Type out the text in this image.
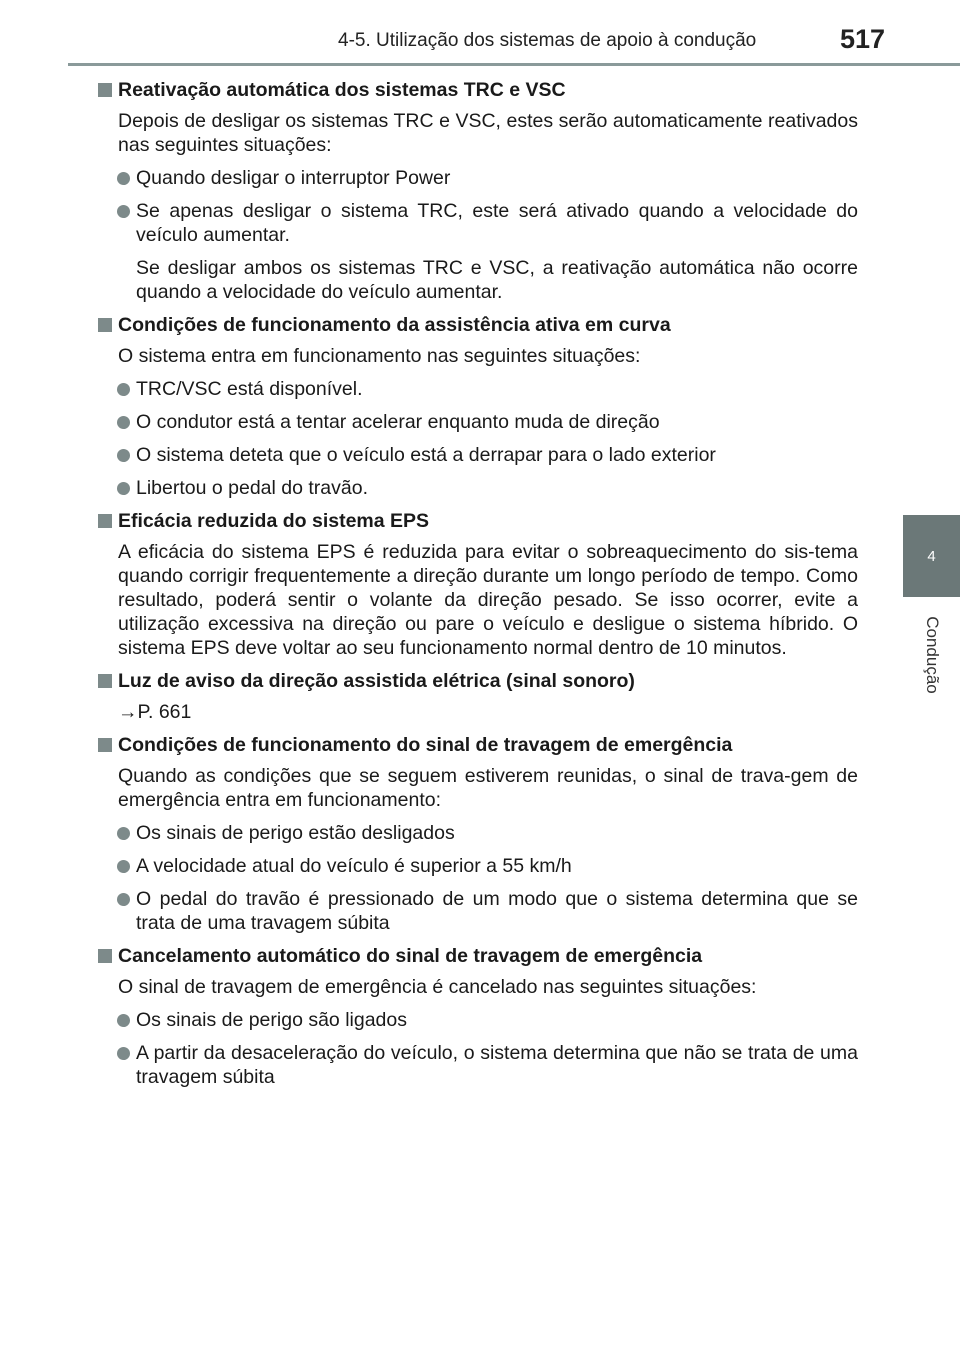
4-5. Utilização dos sistemas de apoio à condução	517
4
Condução
Reativação automática dos sistemas TRC e VSC
Depois de desligar os sistemas TRC e VSC, estes serão automaticamente reativados nas seguintes situações:
Quando desligar o interruptor Power
Se apenas desligar o sistema TRC, este será ativado quando a velocidade do veículo aumentar.
Se desligar ambos os sistemas TRC e VSC, a reativação automática não ocorre quando a velocidade do veículo aumentar.
Condições de funcionamento da assistência ativa em curva
O sistema entra em funcionamento nas seguintes situações:
TRC/VSC está disponível.
O condutor está a tentar acelerar enquanto muda de direção
O sistema deteta que o veículo está a derrapar para o lado exterior
Libertou o pedal do travão.
Eficácia reduzida do sistema EPS
A eficácia do sistema EPS é reduzida para evitar o sobreaquecimento do sis-tema quando corrigir frequentemente a direção durante um longo período de tempo. Como resultado, poderá sentir o volante da direção pesado. Se isso ocorrer, evite a utilização excessiva na direção ou pare o veículo e desligue o sistema híbrido. O sistema EPS deve voltar ao seu funcionamento normal dentro de 10 minutos.
Luz de aviso da direção assistida elétrica (sinal sonoro)
→P. 661
Condições de funcionamento do sinal de travagem de emergência
Quando as condições que se seguem estiverem reunidas, o sinal de trava-gem de emergência entra em funcionamento:
Os sinais de perigo estão desligados
A velocidade atual do veículo é superior a 55 km/h
O pedal do travão é pressionado de um modo que o sistema determina que se trata de uma travagem súbita
Cancelamento automático do sinal de travagem de emergência
O sinal de travagem de emergência é cancelado nas seguintes situações:
Os sinais de perigo são ligados
A partir da desaceleração do veículo, o sistema determina que não se trata de uma travagem súbita
